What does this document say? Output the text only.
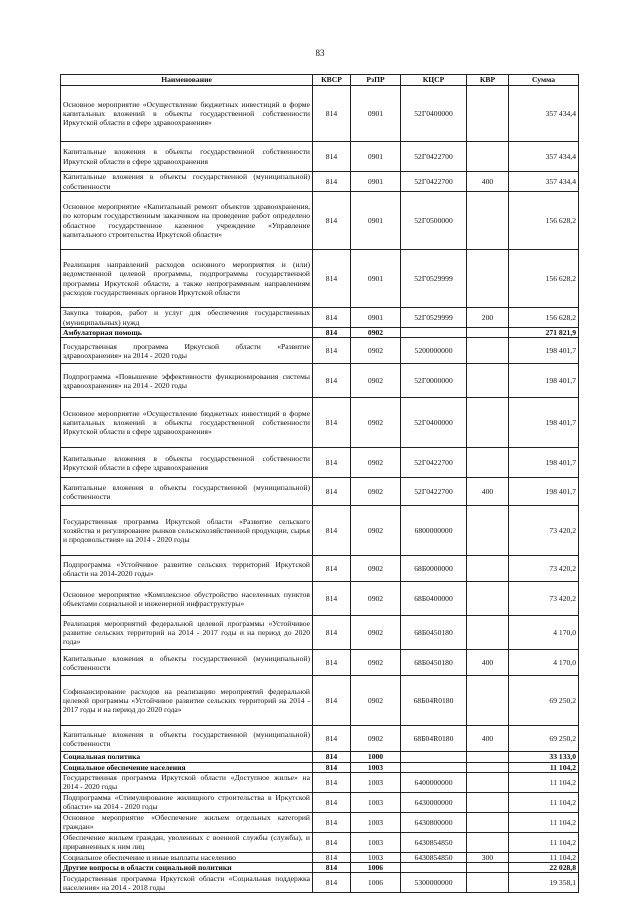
83
Наименование	КВСР	РзПР	КЦСР	КВР	Сумма
Основное мероприятие «Осуществление бюджетных инвестиций в форме капитальных вложений в объекты государственной собственности Иркутской области в сфере здравоохранения»	814	0901	52Г0400000		357 434,4
Капитальные вложения в объекты государственной собственности Иркутской области в сфере здравоохранения	814	0901	52Г0422700		357 434,4
Капитальные вложения в объекты государственной (муниципальной) собственности	814	0901	52Г0422700	400	357 434,4
Основное мероприятие «Капитальный ремонт объектов здравоохранения, по которым государственным заказчиком на проведение работ определено областное государственное казенное учреждение «Управление капитального строительства Иркутской области»	814	0901	52Г0500000		156 628,2
Реализация направлений расходов основного мероприятия и (или) ведомственной целевой программы, подпрограммы государственной программы Иркутской области, а также непрограммным направлениям расходов государственных органов Иркутской области	814	0901	52Г0529999		156 628,2
Закупка товаров, работ и услуг для обеспечения государственных (муниципальных) нужд	814	0901	52Г0529999	200	156 628,2
Амбулаторная помощь	814	0902			271 821,9
Государственная программа Иркутской области «Развитие здравоохранения» на 2014 - 2020 годы	814	0902	5200000000		198 401,7
Подпрограмма «Повышение эффективности функционирования системы здравоохранения» на 2014 - 2020 годы	814	0902	52Г0000000		198 401,7
Основное мероприятие «Осуществление бюджетных инвестиций в форме капитальных вложений в объекты государственной собственности Иркутской области в сфере здравоохранения»	814	0902	52Г0400000		198 401,7
Капитальные вложения в объекты государственной собственности Иркутской области в сфере здравоохранения	814	0902	52Г0422700		198 401,7
Капитальные вложения в объекты государственной (муниципальной) собственности	814	0902	52Г0422700	400	198 401,7
Государственная программа Иркутской области «Развитие сельского хозяйства и регулирование рынков сельскохозяйственной продукции, сырья и продовольствия» на 2014 - 2020 годы	814	0902	6800000000		73 420,2
Подпрограмма «Устойчивое развитие сельских территорий Иркутской области на 2014-2020 годы»	814	0902	68Б0000000		73 420,2
Основное мероприятие «Комплексное обустройство населенных пунктов объектами социальной и инженерной инфраструктуры»	814	0902	68Б0400000		73 420,2
Реализация мероприятий федеральной целевой программы «Устойчивое развитие сельских территорий на 2014 - 2017 годы и на период до 2020 года»	814	0902	68Б0450180		4 170,0
Капитальные вложения в объекты государственной (муниципальной) собственности	814	0902	68Б0450180	400	4 170,0
Софинансирование расходов на реализацию мероприятий федеральной целевой программы «Устойчивое развитие сельских территорий на 2014 - 2017 годы и на период до 2020 года»	814	0902	68Б04R0180		69 250,2
Капитальные вложения в объекты государственной (муниципальной) собственности	814	0902	68Б04R0180	400	69 250,2
Социальная политика	814	1000			33 133,0
Социальное обеспечение населения	814	1003			11 104,2
Государственная программа Иркутской области «Доступное жилье» на 2014 - 2020 годы	814	1003	6400000000		11 104,2
Подпрограмма «Стимулирование жилищного строительства в Иркутской области» на 2014 - 2020 годы	814	1003	6430000000		11 104,2
Основное мероприятие «Обеспечение жильем отдельных категорий граждан»	814	1003	6430800000		11 104,2
Обеспечение жильем граждан, уволенных с военной службы (службы), и приравненных к ним лиц	814	1003	6430854850		11 104,2
Социальное обеспечение и иные выплаты населению	814	1003	6430854850	300	11 104,2
Другие вопросы в области социальной политики	814	1006			22 028,8
Государственная программа Иркутской области «Социальная поддержка населения» на 2014 - 2018 годы	814	1006	5300000000		19 358,1
